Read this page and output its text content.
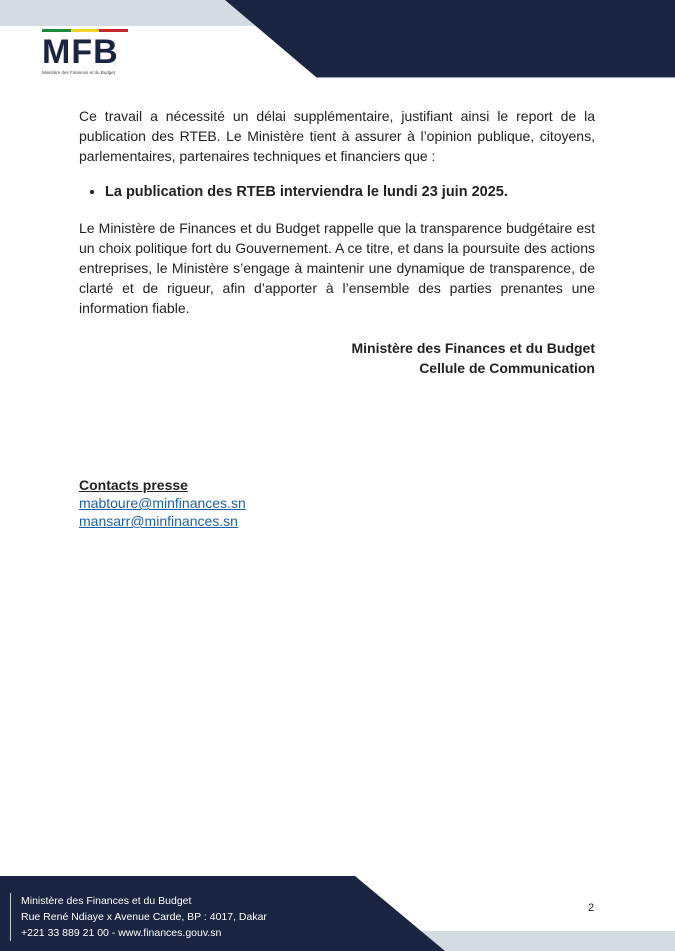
MFB
Ministère des Finances et du Budget

Ce travail a nécessité un délai supplémentaire, justifiant ainsi le report de la publication des RTEB. Le Ministère tient à assurer à l’opinion publique, citoyens, parlementaires, partenaires techniques et financiers que :

• La publication des RTEB interviendra le lundi 23 juin 2025.

Le Ministère de Finances et du Budget rappelle que la transparence budgétaire est un choix politique fort du Gouvernement. A ce titre, et dans la poursuite des actions entreprises, le Ministère s’engage à maintenir une dynamique de transparence, de clarté et de rigueur, afin d’apporter à l’ensemble des parties prenantes une information fiable.

Ministère des Finances et du Budget
Cellule de Communication
Contacts presse
mabtoure@minfinances.sn
mansarr@minfinances.sn
Ministère des Finances et du Budget
Rue René Ndiaye x Avenue Carde, BP : 4017, Dakar
+221 33 889 21 00 - www.finances.gouv.sn
2
